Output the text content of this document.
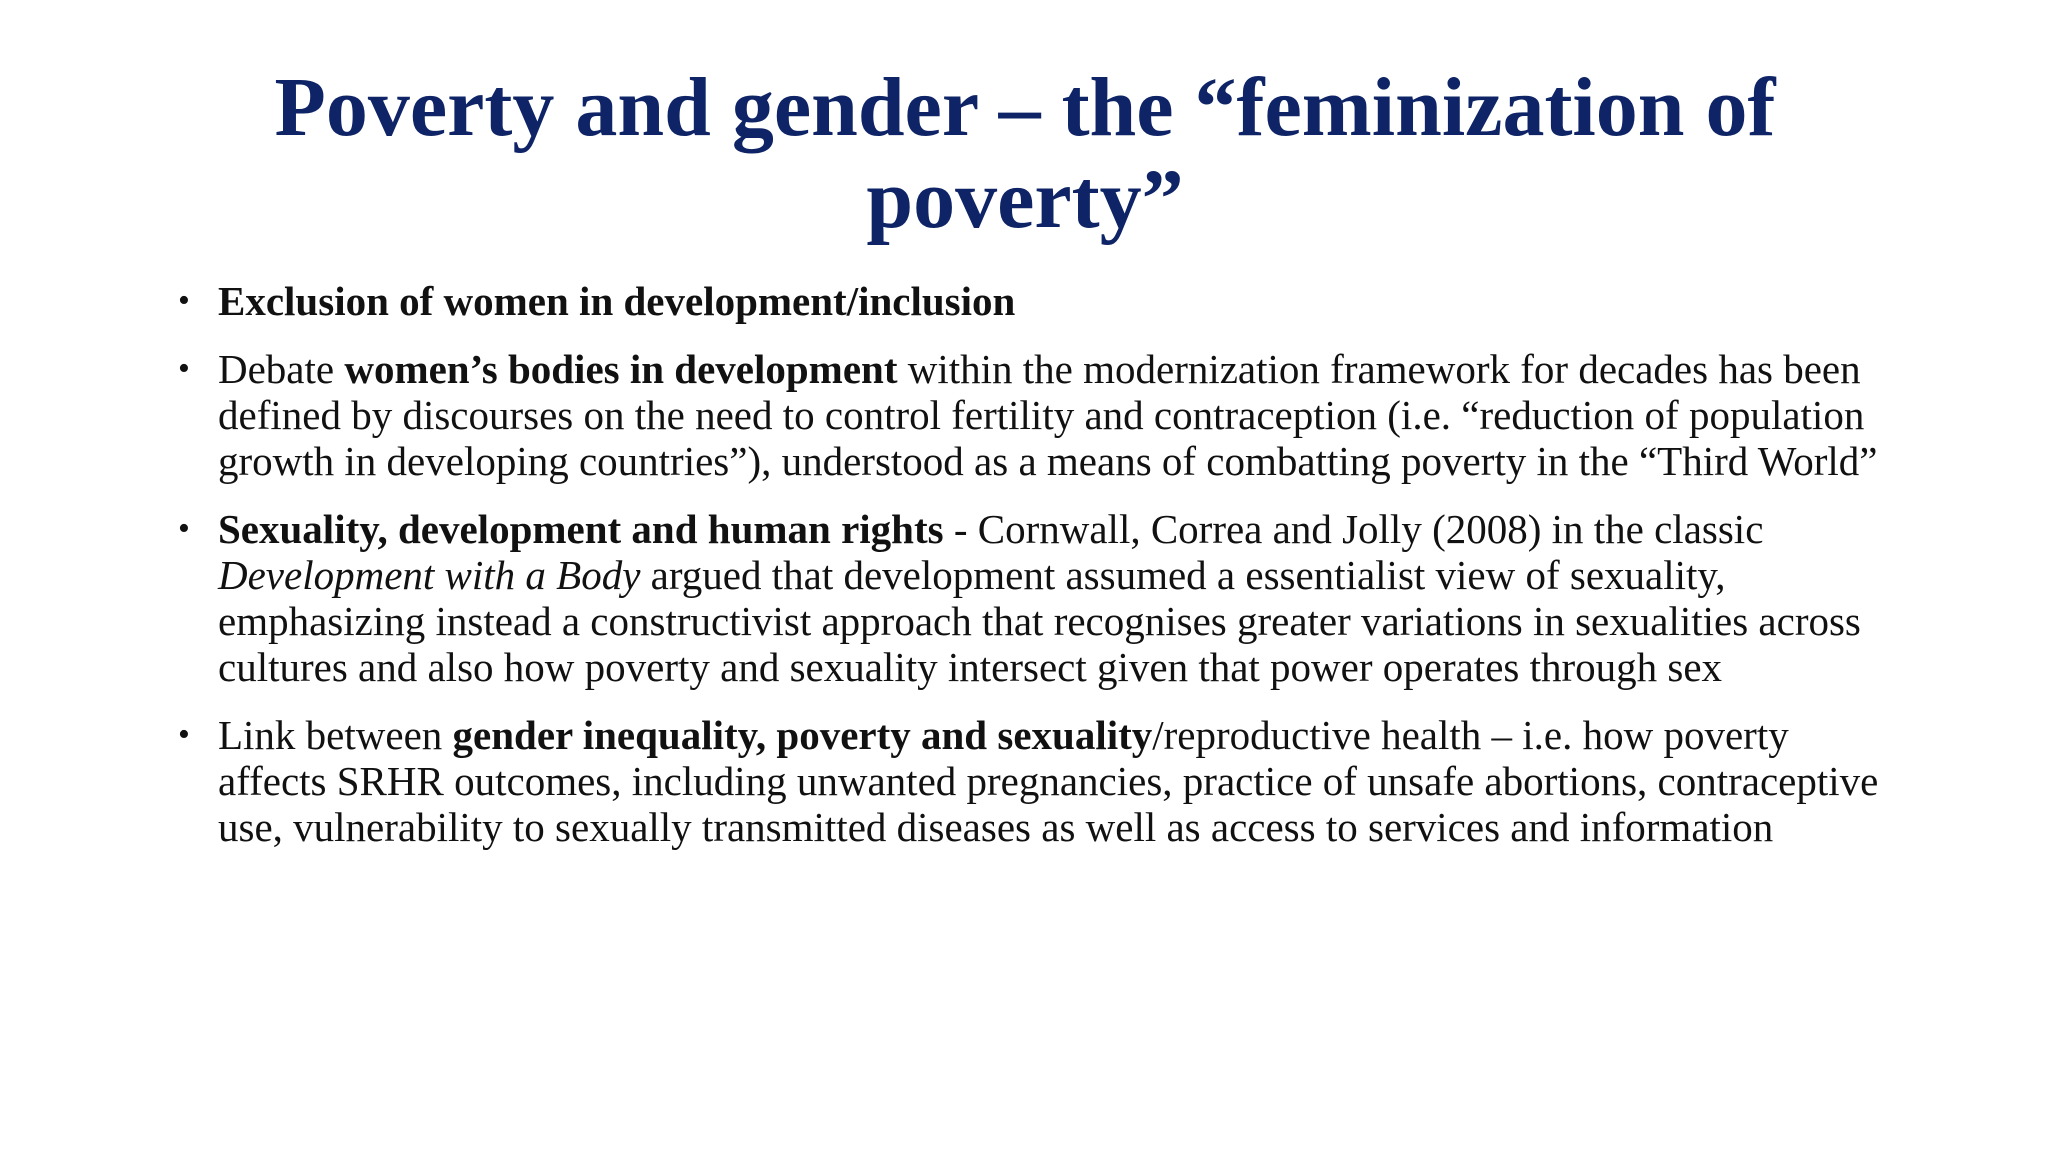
Poverty and gender – the “feminization of poverty”
• Exclusion of women in development/inclusion
• Debate women’s bodies in development within the modernization framework for decades has been defined by discourses on the need to control fertility and contraception (i.e. “reduction of population growth in developing countries”), understood as a means of combatting poverty in the “Third World”
• Sexuality, development and human rights - Cornwall, Correa and Jolly (2008) in the classic Development with a Body argued that development assumed a essentialist view of sexuality, emphasizing instead a constructivist approach that recognises greater variations in sexualities across cultures and also how poverty and sexuality intersect given that power operates through sex
• Link between gender inequality, poverty and sexuality/reproductive health – i.e. how poverty affects SRHR outcomes, including unwanted pregnancies, practice of unsafe abortions, contraceptive use, vulnerability to sexually transmitted diseases as well as access to services and information
